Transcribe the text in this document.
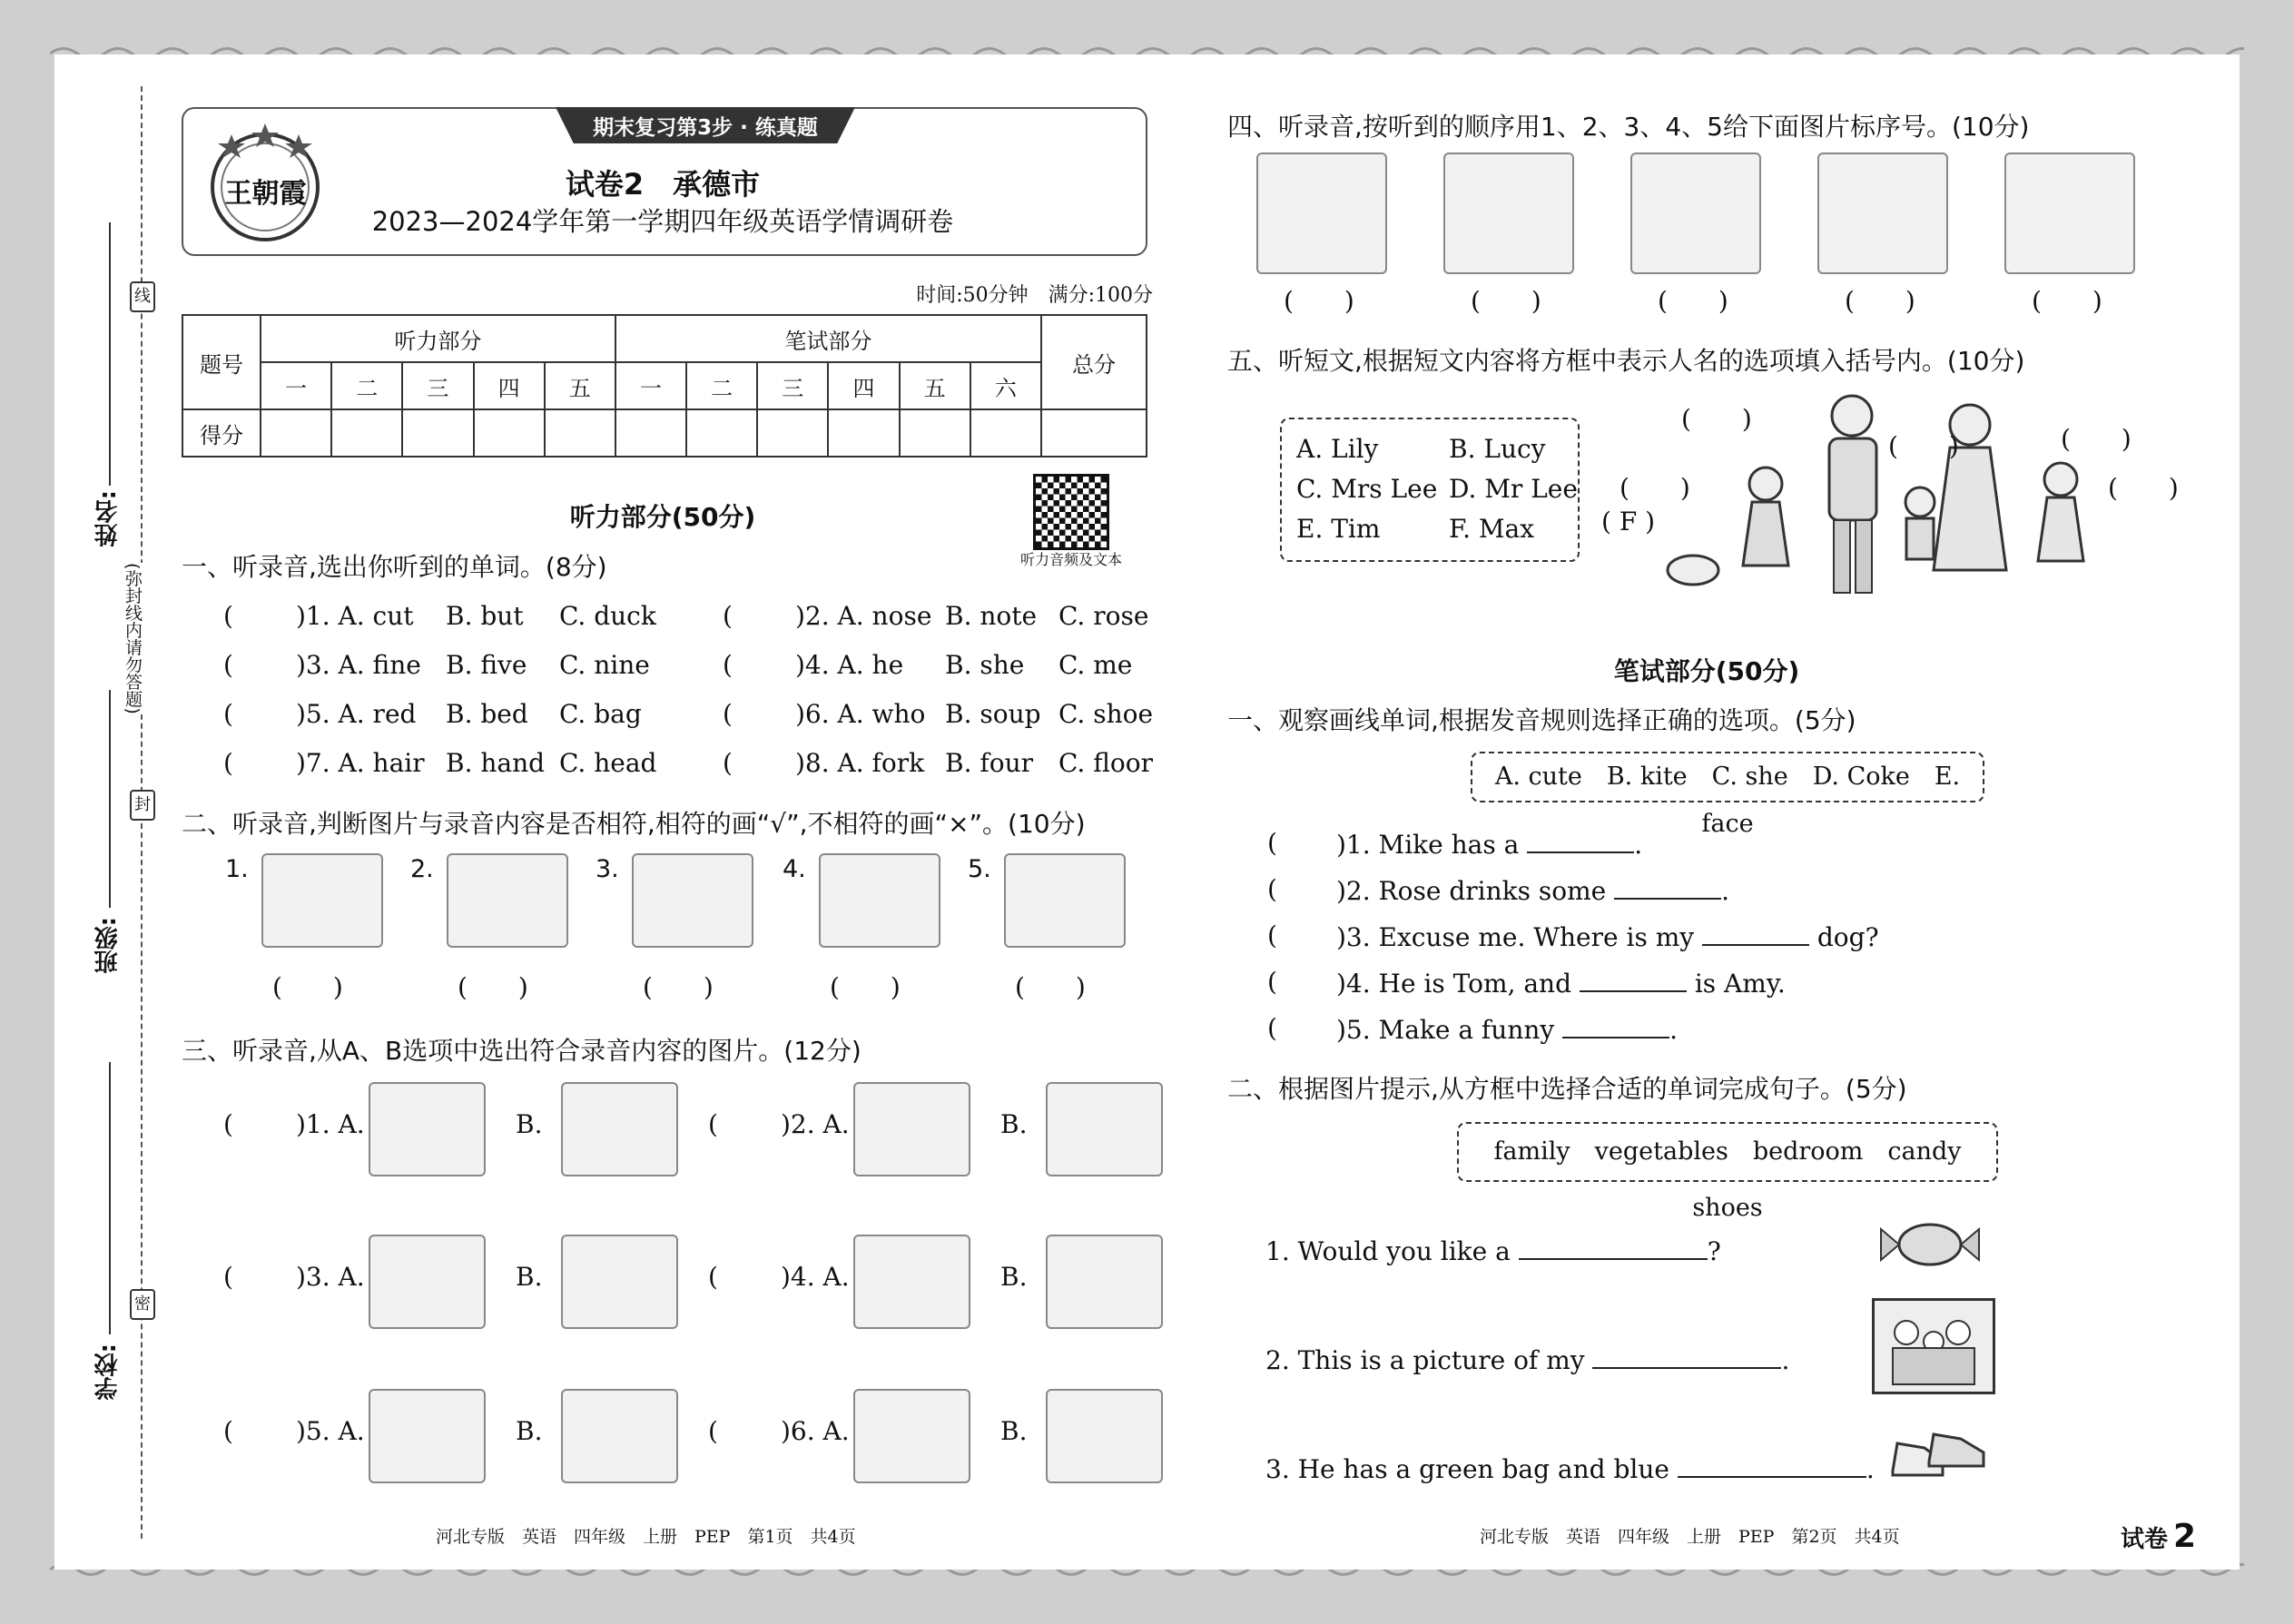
姓名:
班级:
学校:
线
封
密
(弥封线内请勿答题)
王朝霞
期末复习第3步 · 练真题
试卷2　承德市
2023—2024学年第一学期四年级英语学情调研卷
时间:50分钟　满分:100分
题号	听力部分					笔试部分						总分
	一	二	三	四	五	一	二	三	四	五	六	
得分												
听力部分(50分)
听力音频及文本
一、听录音,选出你听到的单词。(8分)
( )1. A. cut B. but C. duck	( )2. A. nose B. note C. rose
( )3. A. fine B. five C. nine	( )4. A. he B. she C. me
( )5. A. red B. bed C. bag	( )6. A. who B. soup C. shoe
( )7. A. hair B. hand C. head	( )8. A. fork B. four C. floor
二、听录音,判断图片与录音内容是否相符,相符的画“√”,不相符的画“×”。(10分)
1.
(　　)
2.
(　　)
3.
(　　)
4.
(　　)
5.
(　　)
三、听录音,从A、B选项中选出符合录音内容的图片。(12分)
( )1. A.	B.	( )2. A.	B.
( )3. A.	B.	( )4. A.	B.
( )5. A.	B.	( )6. A.	B.
四、听录音,按听到的顺序用1、2、3、4、5给下面图片标序号。(10分)
(　　)	(　　)	(　　)	(　　)	(　　)
五、听短文,根据短文内容将方框中表示人名的选项填入括号内。(10分)
A. Lily	B. Lucy
C. Mrs Lee D. Mr Lee
E. Tim	F. Max
(　　)
(　　)	(　　)
(　　)	(　　)
( F )
笔试部分(50分)
一、观察画线单词,根据发音规则选择正确的选项。(5分)
A. cute　B. kite　C. she　D. Coke　E. face
( )1. Mike has a	.
( )2. Rose drinks some	.
( )3. Excuse me. Where is my	dog?
( )4. He is Tom, and	is Amy.
( )5. Make a funny	.
二、根据图片提示,从方框中选择合适的单词完成句子。(5分)
family　vegetables　bedroom　candy　shoes
1. Would you like a	?
2. This is a picture of my	.
3. He has a green bag and blue	.
河北专版　英语　四年级　上册　PEP　第1页　共4页	河北专版　英语　四年级　上册　PEP　第2页　共4页	试卷 2
